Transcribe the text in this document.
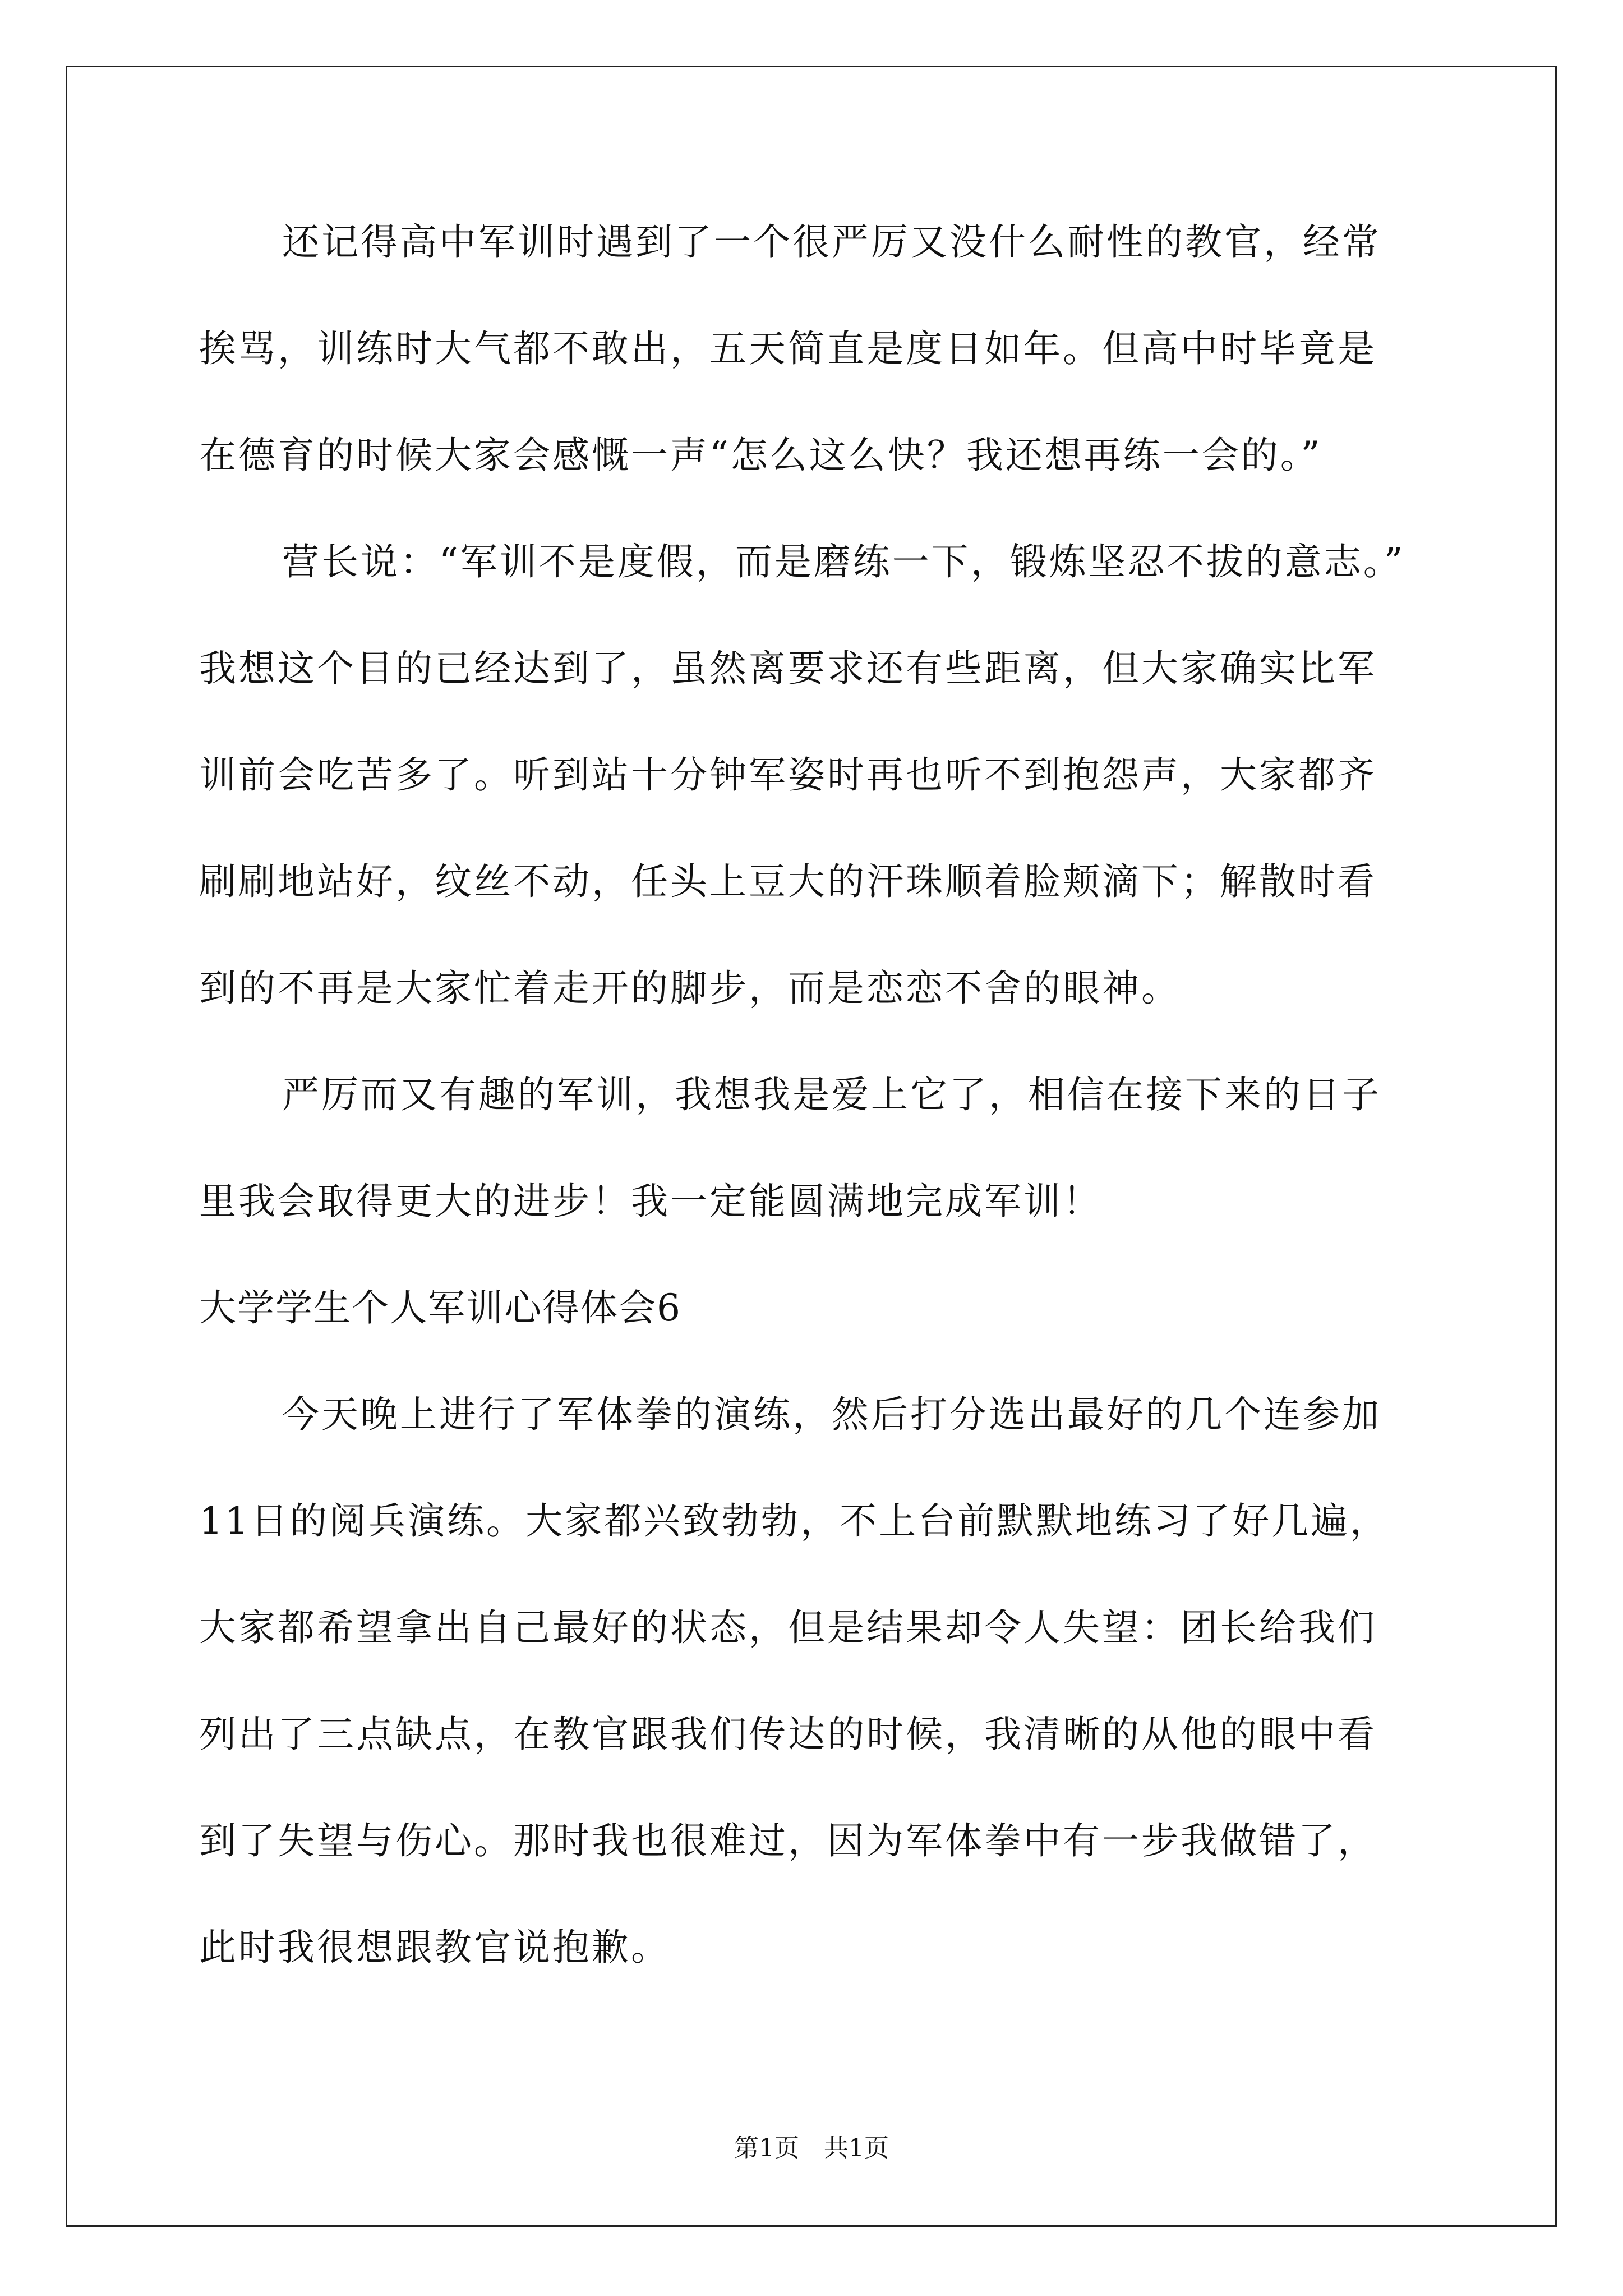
还记得高中军训时遇到了一个很严厉又没什么耐性的教官，经常
挨骂，训练时大气都不敢出，五天简直是度日如年。但高中时毕竟是
在德育的时候大家会感慨一声“怎么这么快？我还想再练一会的。”
营长说：“军训不是度假，而是磨练一下，锻炼坚忍不拔的意志。”
我想这个目的已经达到了，虽然离要求还有些距离，但大家确实比军
训前会吃苦多了。听到站十分钟军姿时再也听不到抱怨声，大家都齐
刷刷地站好，纹丝不动，任头上豆大的汗珠顺着脸颊滴下；解散时看
到的不再是大家忙着走开的脚步，而是恋恋不舍的眼神。
严厉而又有趣的军训，我想我是爱上它了，相信在接下来的日子
里我会取得更大的进步！我一定能圆满地完成军训！
大学学生个人军训心得体会6
今天晚上进行了军体拳的演练，然后打分选出最好的几个连参加
11日的阅兵演练。大家都兴致勃勃，不上台前默默地练习了好几遍，
大家都希望拿出自己最好的状态，但是结果却令人失望：团长给我们
列出了三点缺点，在教官跟我们传达的时候，我清晰的从他的眼中看
到了失望与伤心。那时我也很难过，因为军体拳中有一步我做错了，
此时我很想跟教官说抱歉。
第1页　共1页
